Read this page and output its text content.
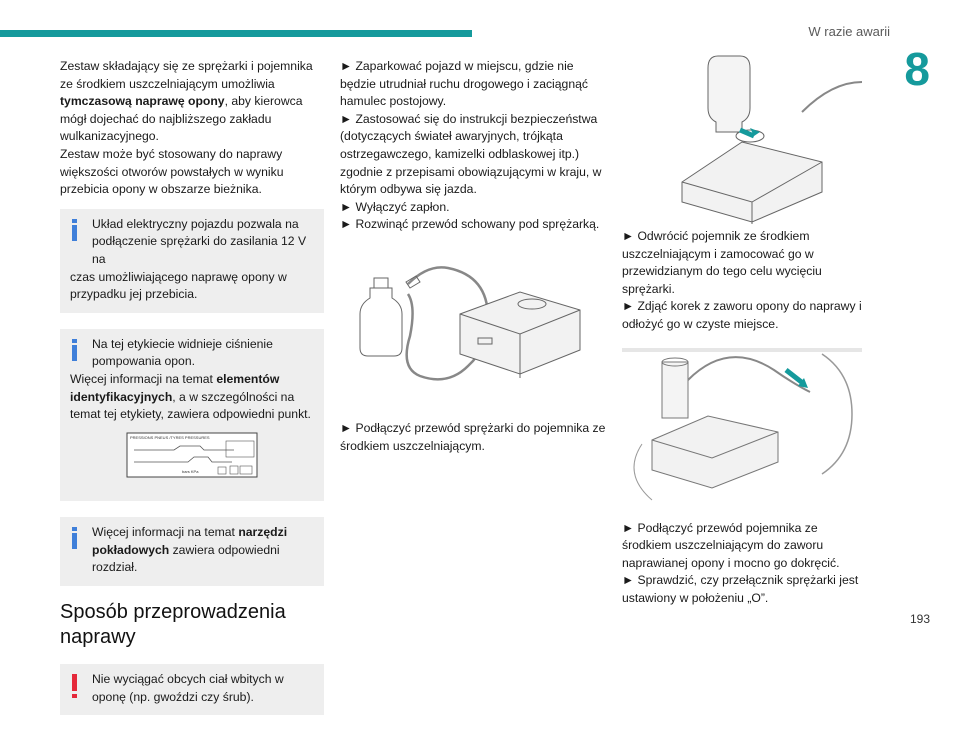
W razie awarii
8
193
Zestaw składający się ze sprężarki i pojemnika ze środkiem uszczelniającym umożliwia tymczasową naprawę opony, aby kierowca mógł dojechać do najbliższego zakładu wulkanizacyjnego.
Zestaw może być stosowany do naprawy większości otworów powstałych w wyniku przebicia opony w obszarze bieżnika.
Układ elektryczny pojazdu pozwala na podłączenie sprężarki do zasilania 12 V na
czas umożliwiającego naprawę opony w przypadku jej przebicia.
Na tej etykiecie widnieje ciśnienie pompowania opon.
Więcej informacji na temat elementów identyfikacyjnych, a w szczególności na temat tej etykiety, zawiera odpowiedni punkt.
PRESSIONS PNEUS /TYRES PRESSURES
bars KPa
Więcej informacji na temat narzędzi pokładowych zawiera odpowiedni rozdział.
Sposób przeprowadzenia naprawy
Nie wyciągać obcych ciał wbitych w oponę (np. gwoździ czy śrub).
► Zaparkować pojazd w miejscu, gdzie nie będzie utrudniał ruchu drogowego i zaciągnąć hamulec postojowy.
► Zastosować się do instrukcji bezpieczeństwa (dotyczących świateł awaryjnych, trójkąta ostrzegawczego, kamizelki odblaskowej itp.) zgodnie z przepisami obowiązującymi w kraju, w którym odbywa się jazda.
► Wyłączyć zapłon.
► Rozwinąć przewód schowany pod sprężarką.
► Podłączyć przewód sprężarki do pojemnika ze środkiem uszczelniającym.
► Odwrócić pojemnik ze środkiem uszczelniającym i zamocować go w przewidzianym do tego celu wycięciu sprężarki.
► Zdjąć korek z zaworu opony do naprawy i odłożyć go w czyste miejsce.
► Podłączyć przewód pojemnika ze środkiem uszczelniającym do zaworu naprawianej opony i mocno go dokręcić.
► Sprawdzić, czy przełącznik sprężarki jest ustawiony w położeniu „O”.
